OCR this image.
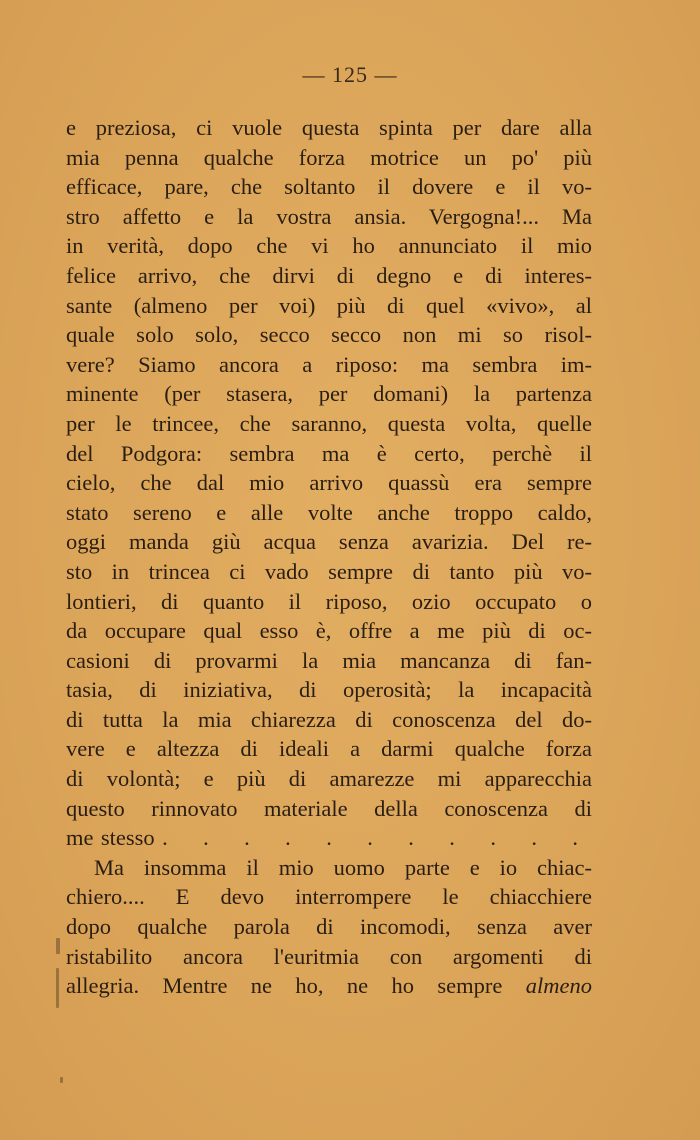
— 125 —
e preziosa, ci vuole questa spinta per dare alla
mia penna qualche forza motrice un po' più
efficace, pare, che soltanto il dovere e il vo-
stro affetto e la vostra ansia. Vergogna!... Ma
in verità, dopo che vi ho annunciato il mio
felice arrivo, che dirvi di degno e di interes-
sante (almeno per voi) più di quel «vivo», al
quale solo solo, secco secco non mi so risol-
vere? Siamo ancora a riposo: ma sembra im-
minente (per stasera, per domani) la partenza
per le trincee, che saranno, questa volta, quelle
del Podgora: sembra ma è certo, perchè il
cielo, che dal mio arrivo quassù era sempre
stato sereno e alle volte anche troppo caldo,
oggi manda giù acqua senza avarizia. Del re-
sto in trincea ci vado sempre di tanto più vo-
lontieri, di quanto il riposo, ozio occupato o
da occupare qual esso è, offre a me più di oc-
casioni di provarmi la mia mancanza di fan-
tasia, di iniziativa, di operosità; la incapacità
di tutta la mia chiarezza di conoscenza del do-
vere e altezza di ideali a darmi qualche forza
di volontà; e più di amarezze mi apparecchia
questo rinnovato materiale della conoscenza di
me stesso . . . . . . . . . . .
Ma insomma il mio uomo parte e io chiac-
chiero.... E devo interrompere le chiacchiere
dopo qualche parola di incomodi, senza aver
ristabilito ancora l'euritmia con argomenti di
allegria. Mentre ne ho, ne ho sempre almeno
